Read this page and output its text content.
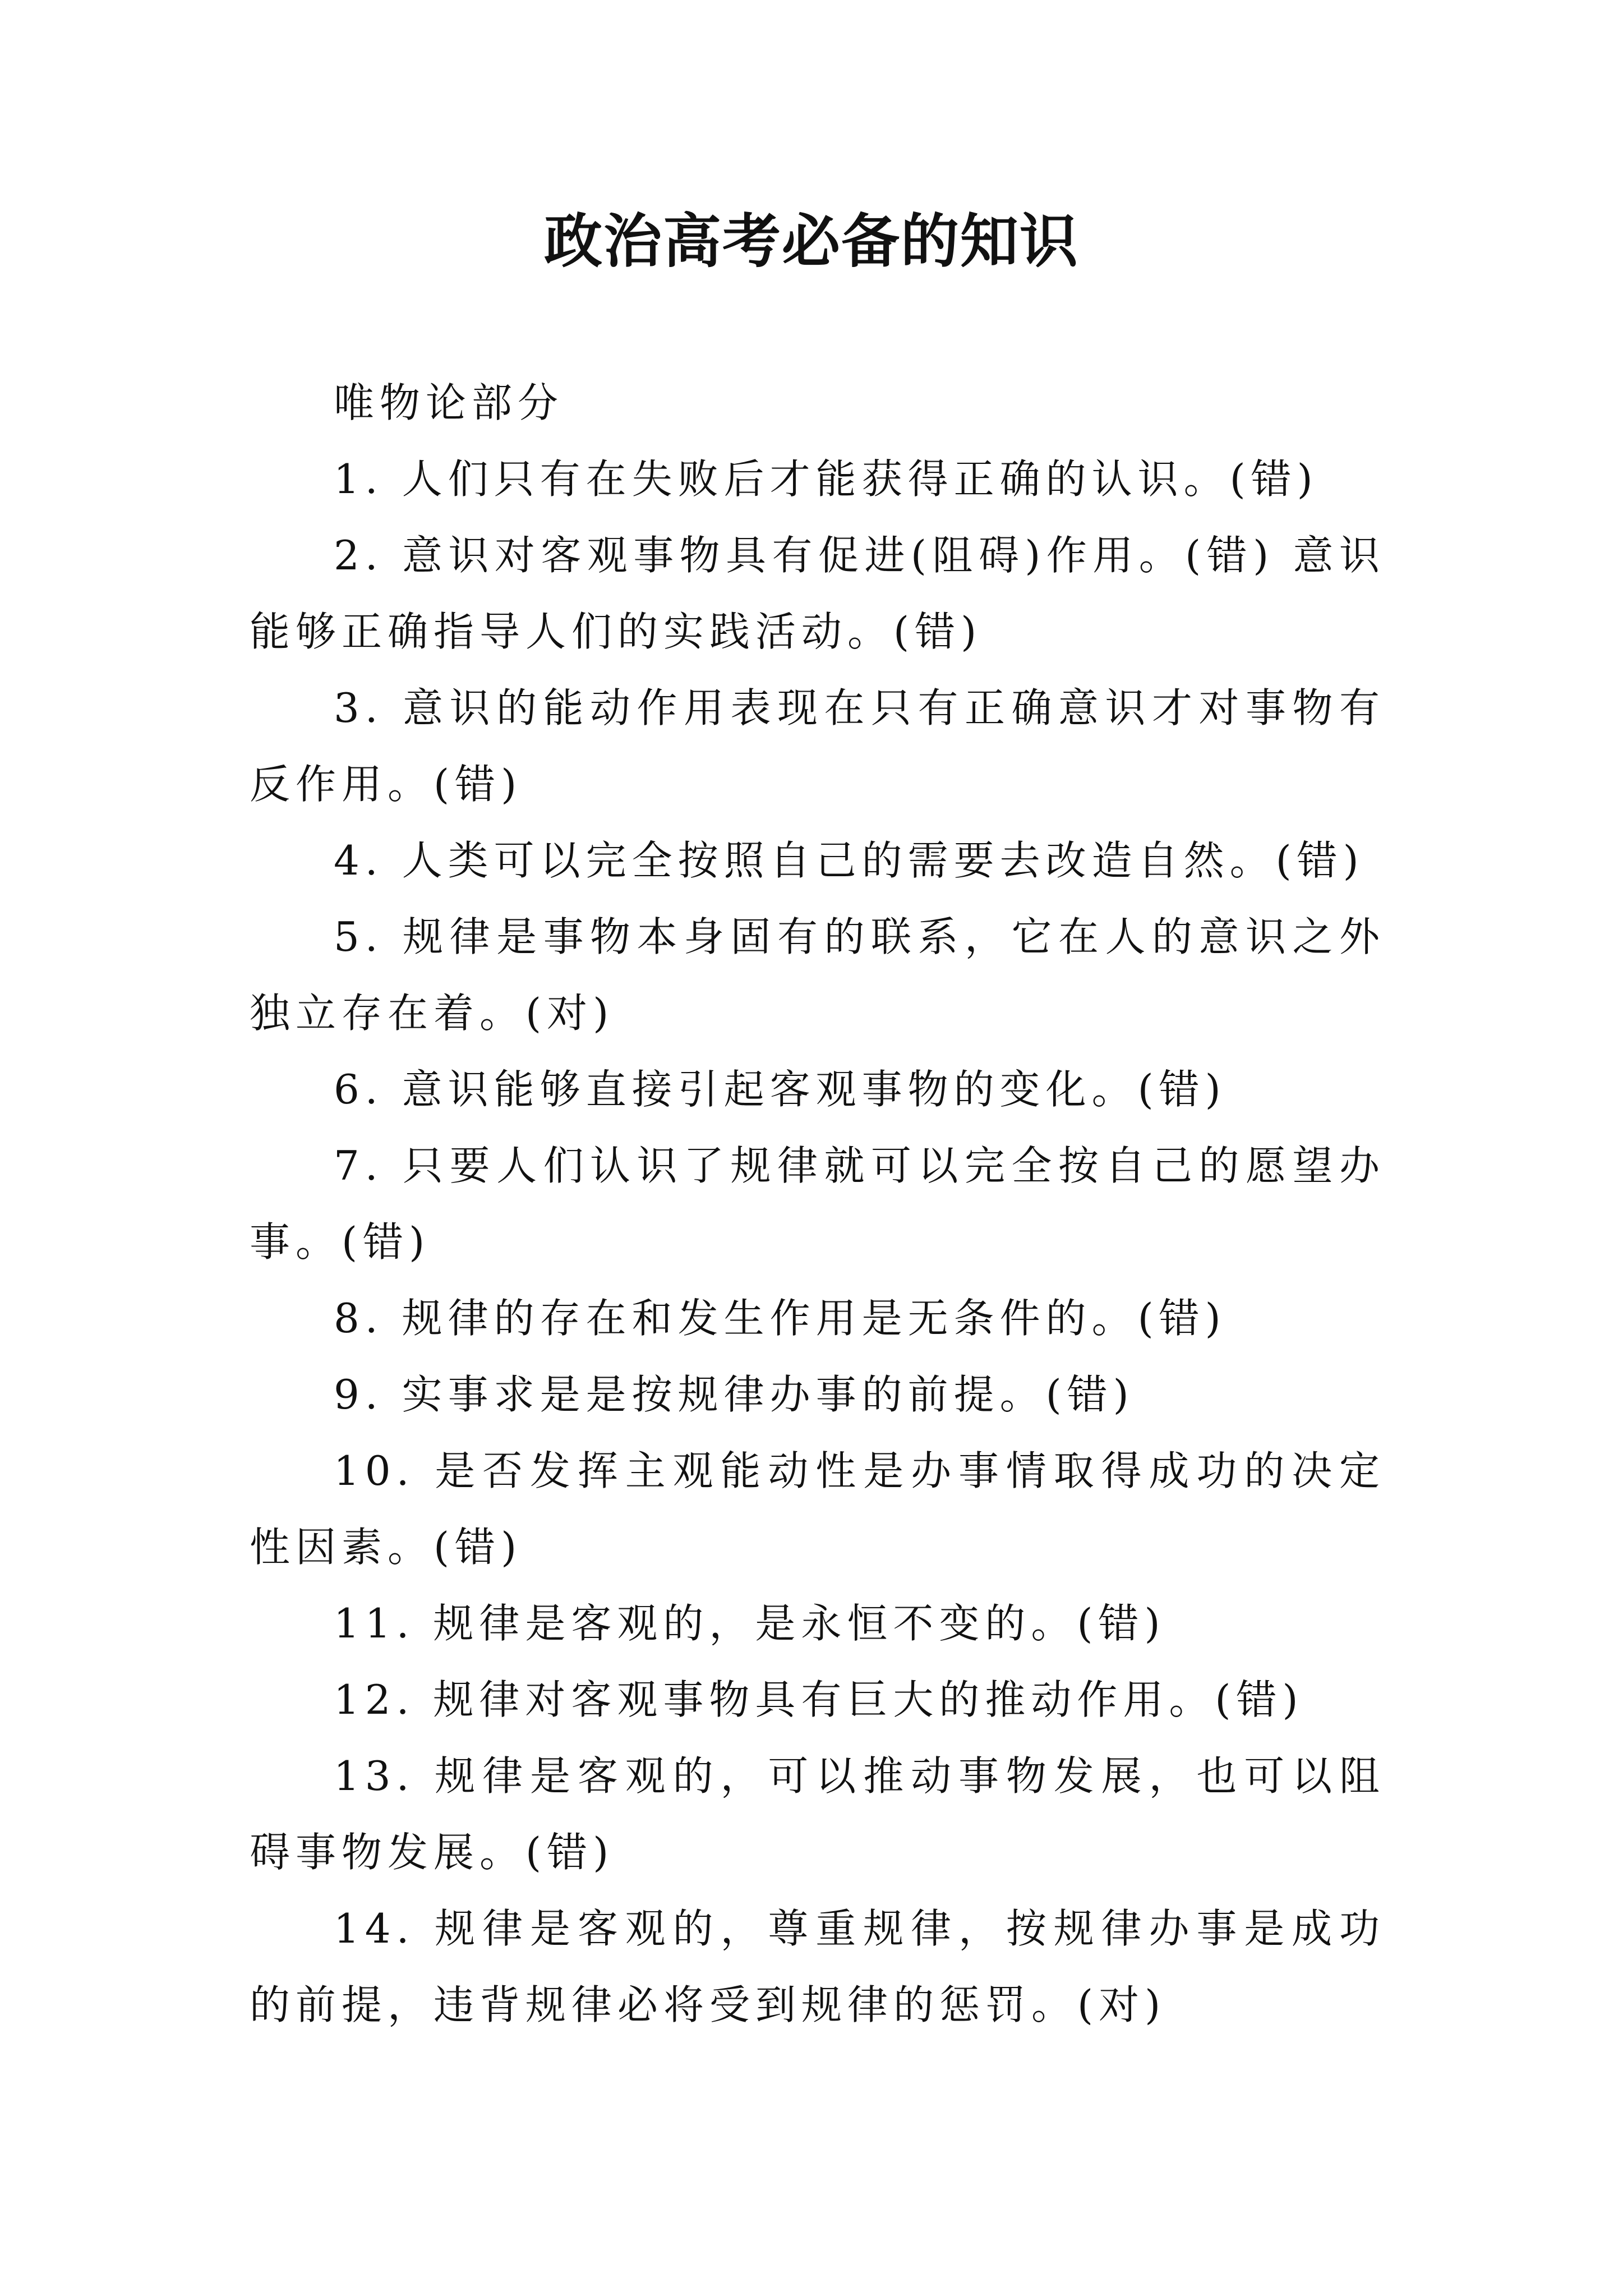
政治高考必备的知识

唯物论部分

1. 人们只有在失败后才能获得正确的认识。(错)

2. 意识对客观事物具有促进(阻碍)作用。(错) 意识能够正确指导人们的实践活动。(错)

3. 意识的能动作用表现在只有正确意识才对事物有反作用。(错)

4. 人类可以完全按照自己的需要去改造自然。(错)

5. 规律是事物本身固有的联系，它在人的意识之外独立存在着。(对)

6. 意识能够直接引起客观事物的变化。(错)

7. 只要人们认识了规律就可以完全按自己的愿望办事。(错)

8. 规律的存在和发生作用是无条件的。(错)

9. 实事求是是按规律办事的前提。(错)

10. 是否发挥主观能动性是办事情取得成功的决定性因素。(错)

11. 规律是客观的，是永恒不变的。(错)

12. 规律对客观事物具有巨大的推动作用。(错)

13. 规律是客观的，可以推动事物发展，也可以阻碍事物发展。(错)

14. 规律是客观的，尊重规律，按规律办事是成功的前提，违背规律必将受到规律的惩罚。(对)
